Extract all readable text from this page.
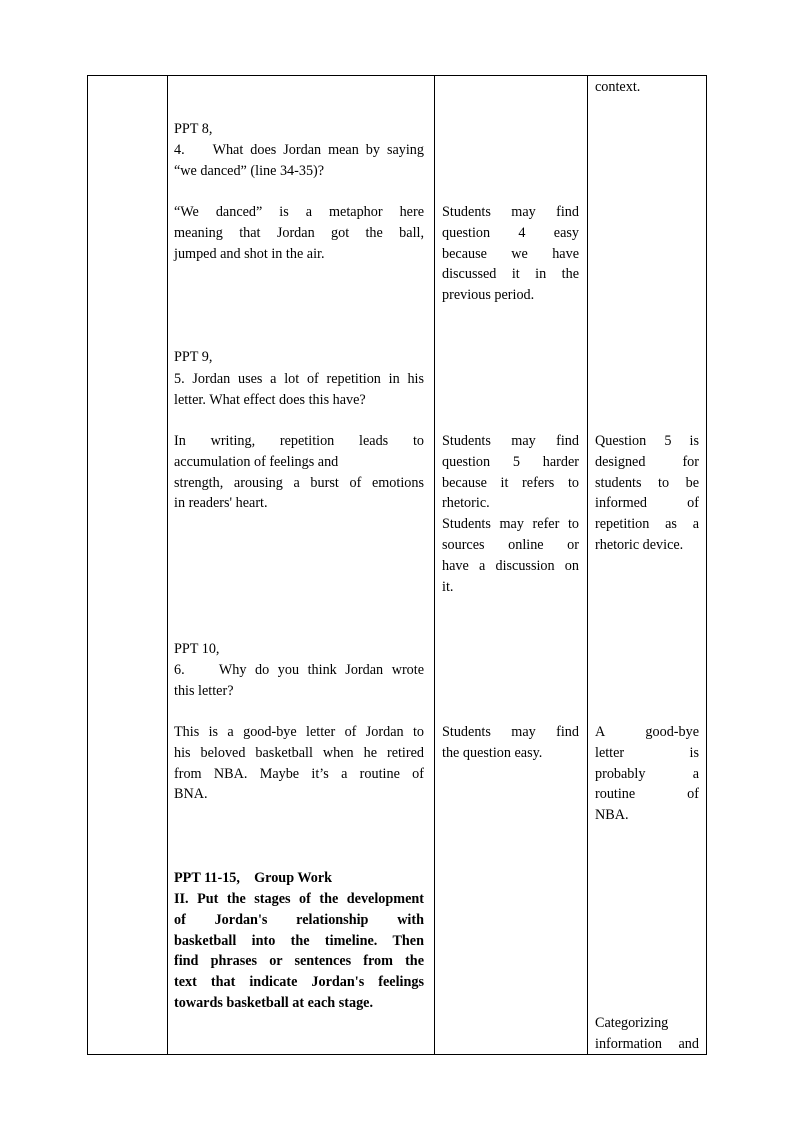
PPT 8,

4.    What does Jordan mean by saying
“we danced” (line 34-35)?
“We danced” is a metaphor here
meaning that Jordan got the ball,
jumped and shot in the air.

PPT 9,

5. Jordan uses a lot of repetition in his
letter. What effect does this have?
In writing, repetition leads to
accumulation of feelings and
strength, arousing a burst of emotions
in readers' heart.

PPT 10,

6.    Why do you think Jordan wrote
this letter?
This is a good-bye letter of Jordan to
his beloved basketball when he retired
from NBA. Maybe it’s a routine of
BNA.

PPT 11-15,    Group Work

II. Put the stages of the development
of Jordan's relationship with
basketball into the timeline. Then
find phrases or sentences from the
text that indicate Jordan's feelings
towards basketball at each stage.
Students may find
question 4 easy
because we have
discussed it in the
previous period.
Students may find
question 5 harder
because it refers to
rhetoric.
Students may refer to
sources online or
have a discussion on
it.
Students may find
the question easy.

context.

Question 5 is
designed for
students to be
informed of
repetition as a
rhetoric device.
A good-bye
letter is
probably a
routine of
NBA.
Categorizing
information and
